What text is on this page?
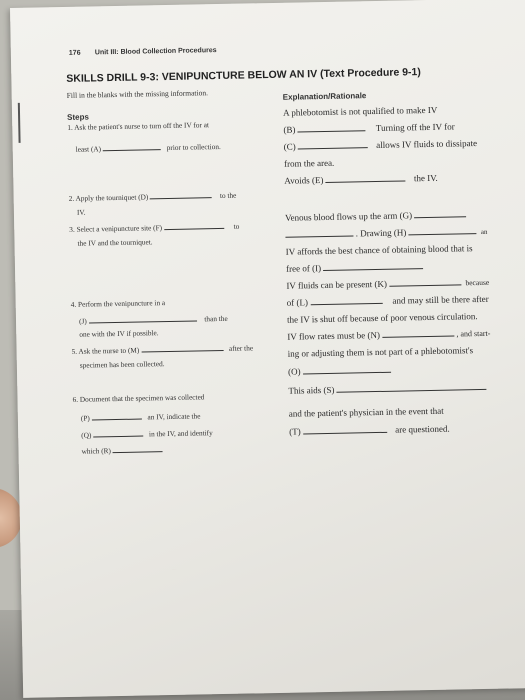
176 Unit III: Blood Collection Procedures
SKILLS DRILL 9-3: VENIPUNCTURE BELOW AN IV (Text Procedure 9-1)
Fill in the blanks with the missing information.
Steps
Explanation/Rationale
1. Ask the patient's nurse to turn off the IV for at
least (A)	prior to collection.
2. Apply the tourniquet (D)	to the
IV.
3. Select a venipuncture site (F)	to
the IV and the tourniquet.
4. Perform the venipuncture in a
(J)	than the
one with the IV if possible.
5. Ask the nurse to (M)	after the
specimen has been collected.
6. Document that the specimen was collected
(P)	an IV, indicate the
(Q)	in the IV, and identify
which (R)
A phlebotomist is not qualified to make IV
(B)	Turning off the IV for
(C)	allows IV fluids to dissipate
from the area.
Avoids (E)	the IV.
Venous blood flows up the arm (G)
. Drawing (H)	an
IV affords the best chance of obtaining blood that is
free of (I)
IV fluids can be present (K)	because
of (L)	and may still be there after
the IV is shut off because of poor venous circulation.
IV flow rates must be (N)	, and start-
ing or adjusting them is not part of a phlebotomist's
(O)
This aids (S)
and the patient's physician in the event that
(T)	are questioned.
~
